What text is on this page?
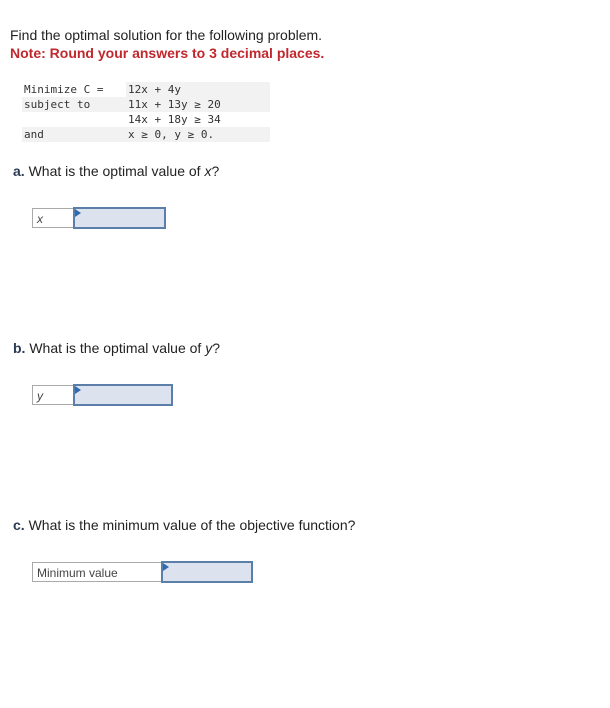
Find the optimal solution for the following problem.
Note: Round your answers to 3 decimal places.
Minimize C =	12x + 4y
subject to	11x + 13y ≥ 20
14x + 18y ≥ 34
and	x ≥ 0, y ≥ 0.
a. What is the optimal value of x?
x
b. What is the optimal value of y?
y
c. What is the minimum value of the objective function?
Minimum value
